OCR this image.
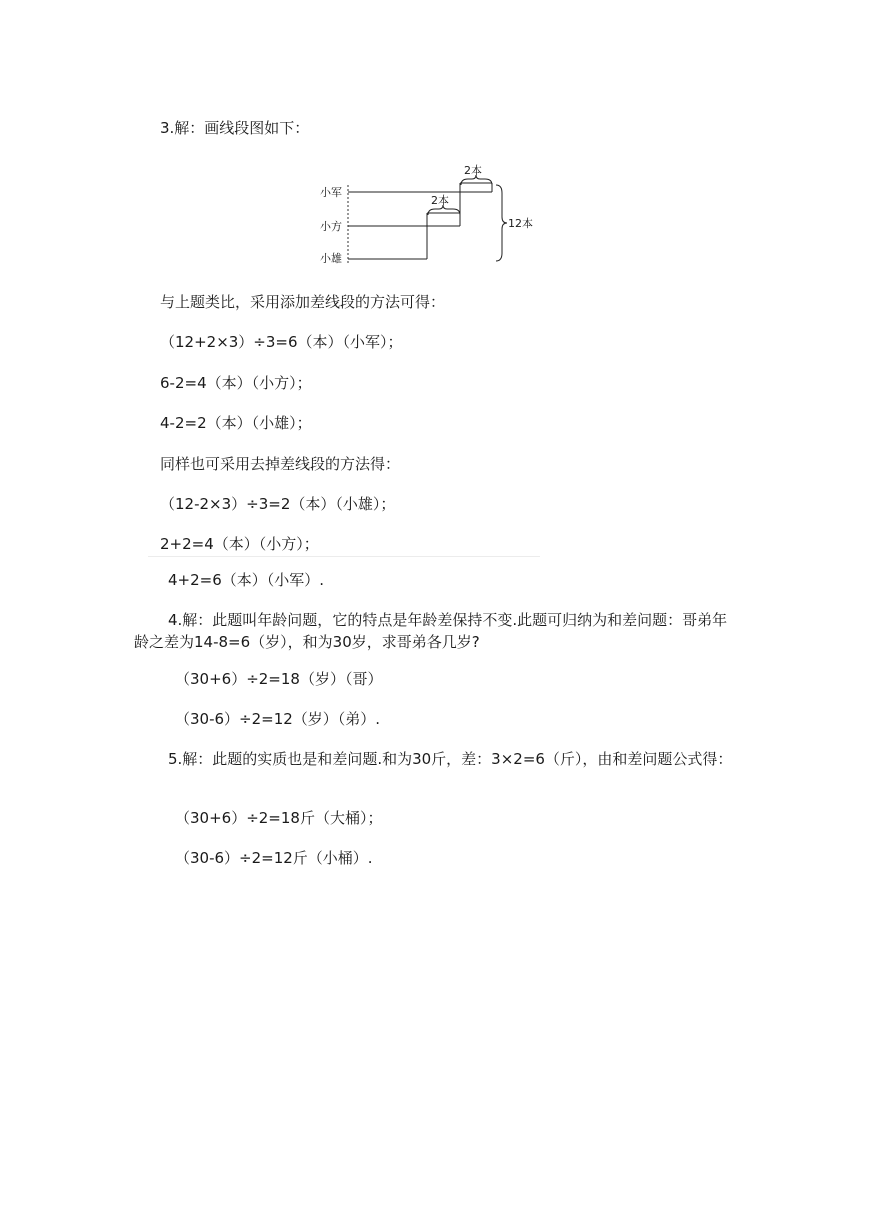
3.解：画线段图如下：
小军
小方
小雄
2本
2本
12本
与上题类比，采用添加差线段的方法可得：
（12+2×3）÷3=6（本）（小军）；
6-2=4（本）（小方）；
4-2=2（本）（小雄）；
同样也可采用去掉差线段的方法得：
（12-2×3）÷3=2（本）（小雄）；
2+2=4（本）（小方）；
4+2=6（本）（小军）.
4.解：此题叫年龄问题，它的特点是年龄差保持不变.此题可归纳为和差问题：哥弟年龄之差为14-8=6（岁），和为30岁，求哥弟各几岁?
（30+6）÷2=18（岁）（哥）
（30-6）÷2=12（岁）（弟）.
5.解：此题的实质也是和差问题.和为30斤，差：3×2=6（斤），由和差问题公式得：
（30+6）÷2=18斤（大桶）；
（30-6）÷2=12斤（小桶）.
